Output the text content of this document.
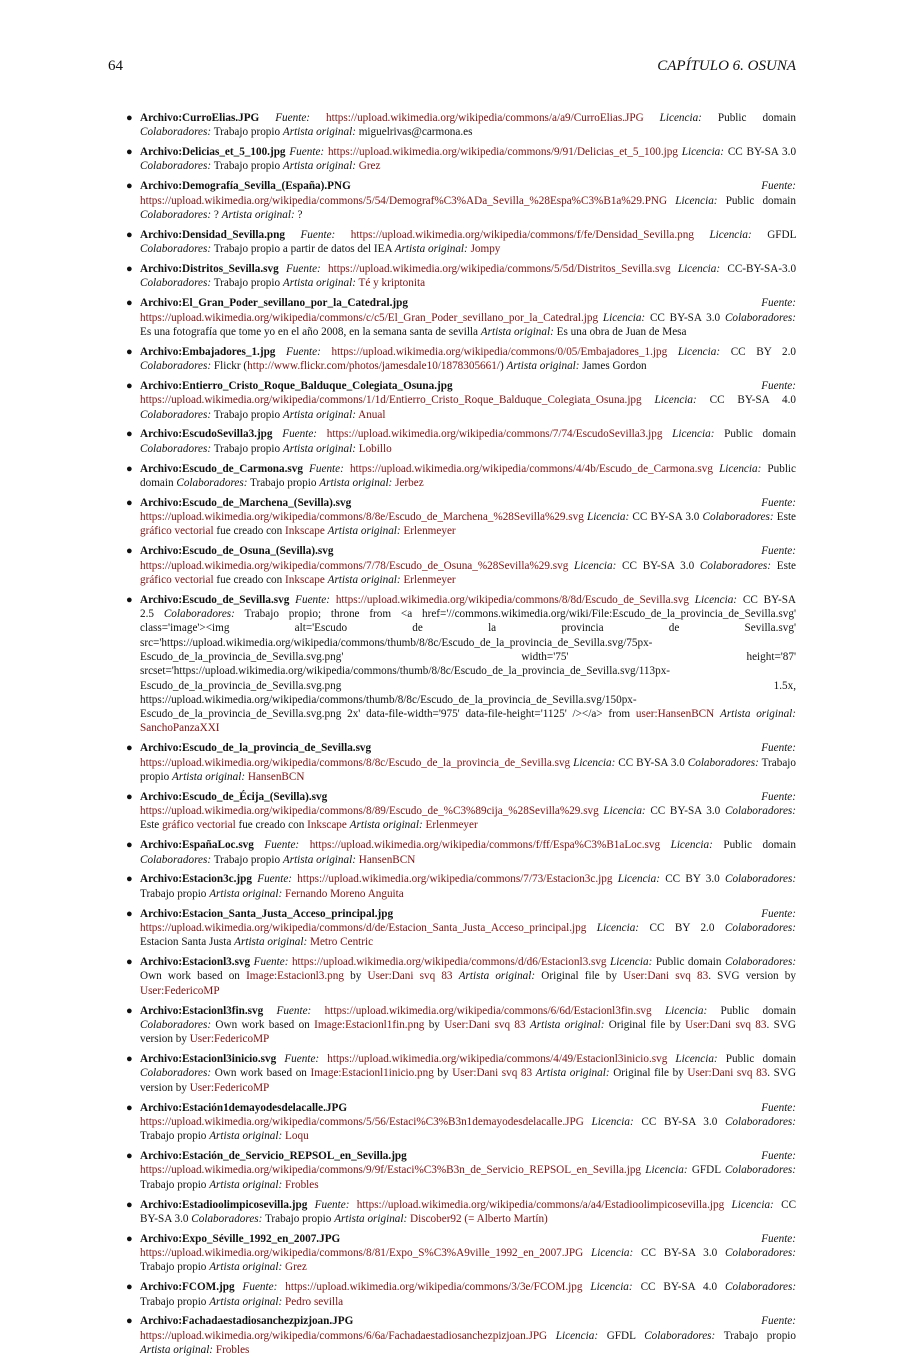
64	CAPÍTULO 6. OSUNA
● Archivo:CurroElias.JPG Fuente: https://upload.wikimedia.org/wikipedia/commons/a/a9/CurroElias.JPG Licencia: Public domain Colaboradores: Trabajo propio Artista original: miguelrivas@carmona.es
● Archivo:Delicias_et_5_100.jpg Fuente: https://upload.wikimedia.org/wikipedia/commons/9/91/Delicias_et_5_100.jpg Licencia: CC BY-SA 3.0 Colaboradores: Trabajo propio Artista original: Grez
● Archivo:Demografía_Sevilla_(España).PNG	Fuente: https://upload.wikimedia.org/wikipedia/commons/5/54/Demograf%C3%ADa_Sevilla_%28Espa%C3%B1a%29.PNG Licencia: Public domain Colaboradores: ? Artista original: ?
● Archivo:Densidad_Sevilla.png Fuente: https://upload.wikimedia.org/wikipedia/commons/f/fe/Densidad_Sevilla.png Licencia: GFDL Colaboradores: Trabajo propio a partir de datos del IEA Artista original: Jompy
● Archivo:Distritos_Sevilla.svg Fuente: https://upload.wikimedia.org/wikipedia/commons/5/5d/Distritos_Sevilla.svg Licencia: CC-BY-SA-3.0 Colaboradores: Trabajo propio Artista original: Té y kriptonita
● Archivo:El_Gran_Poder_sevillano_por_la_Catedral.jpg	Fuente: https://upload.wikimedia.org/wikipedia/commons/c/c5/El_Gran_Poder_sevillano_por_la_Catedral.jpg Licencia: CC BY-SA 3.0 Colaboradores: Es una fotografía que tome yo en el año 2008, en la semana santa de sevilla Artista original: Es una obra de Juan de Mesa
● Archivo:Embajadores_1.jpg Fuente: https://upload.wikimedia.org/wikipedia/commons/0/05/Embajadores_1.jpg Licencia: CC BY 2.0 Colaboradores: Flickr (http://www.flickr.com/photos/jamesdale10/1878305661/) Artista original: James Gordon
● Archivo:Entierro_Cristo_Roque_Balduque_Colegiata_Osuna.jpg	Fuente: https://upload.wikimedia.org/wikipedia/commons/1/1d/Entierro_Cristo_Roque_Balduque_Colegiata_Osuna.jpg Licencia: CC BY-SA 4.0 Colaboradores: Trabajo propio Artista original: Anual
● Archivo:EscudoSevilla3.jpg Fuente: https://upload.wikimedia.org/wikipedia/commons/7/74/EscudoSevilla3.jpg Licencia: Public domain Colaboradores: Trabajo propio Artista original: Lobillo
● Archivo:Escudo_de_Carmona.svg Fuente: https://upload.wikimedia.org/wikipedia/commons/4/4b/Escudo_de_Carmona.svg Licencia: Public domain Colaboradores: Trabajo propio Artista original: Jerbez
● Archivo:Escudo_de_Marchena_(Sevilla).svg	Fuente: https://upload.wikimedia.org/wikipedia/commons/8/8e/Escudo_de_Marchena_%28Sevilla%29.svg Licencia: CC BY-SA 3.0 Colaboradores: Este gráfico vectorial fue creado con Inkscape Artista original: Erlenmeyer
● Archivo:Escudo_de_Osuna_(Sevilla).svg	Fuente: https://upload.wikimedia.org/wikipedia/commons/7/78/Escudo_de_Osuna_%28Sevilla%29.svg Licencia: CC BY-SA 3.0 Colaboradores: Este gráfico vectorial fue creado con Inkscape Artista original: Erlenmeyer
● Archivo:Escudo_de_Sevilla.svg Fuente: https://upload.wikimedia.org/wikipedia/commons/8/8d/Escudo_de_Sevilla.svg Licencia: CC BY-SA 2.5 Colaboradores: Trabajo propio; throne from <a href='//commons.wikimedia.org/wiki/File:Escudo_de_la_provincia_de_Sevilla.svg' class='image'><img alt='Escudo de la provincia de Sevilla.svg' src='https://upload.wikimedia.org/wikipedia/commons/thumb/8/8c/Escudo_de_la_provincia_de_Sevilla.svg/75px-Escudo_de_la_provincia_de_Sevilla.svg.png' width='75' height='87' srcset='https://upload.wikimedia.org/wikipedia/commons/thumb/8/8c/Escudo_de_la_provincia_de_Sevilla.svg/113px-Escudo_de_la_provincia_de_Sevilla.svg.png 1.5x, https://upload.wikimedia.org/wikipedia/commons/thumb/8/8c/Escudo_de_la_provincia_de_Sevilla.svg/150px-Escudo_de_la_provincia_de_Sevilla.svg.png 2x' data-file-width='975' data-file-height='1125' /></a> from user:HansenBCN Artista original: SanchoPanzaXXI
● Archivo:Escudo_de_la_provincia_de_Sevilla.svg	Fuente: https://upload.wikimedia.org/wikipedia/commons/8/8c/Escudo_de_la_provincia_de_Sevilla.svg Licencia: CC BY-SA 3.0 Colaboradores: Trabajo propio Artista original: HansenBCN
● Archivo:Escudo_de_Écija_(Sevilla).svg	Fuente: https://upload.wikimedia.org/wikipedia/commons/8/89/Escudo_de_%C3%89cija_%28Sevilla%29.svg Licencia: CC BY-SA 3.0 Colaboradores: Este gráfico vectorial fue creado con Inkscape Artista original: Erlenmeyer
● Archivo:EspañaLoc.svg Fuente: https://upload.wikimedia.org/wikipedia/commons/f/ff/Espa%C3%B1aLoc.svg Licencia: Public domain Colaboradores: Trabajo propio Artista original: HansenBCN
● Archivo:Estacion3c.jpg Fuente: https://upload.wikimedia.org/wikipedia/commons/7/73/Estacion3c.jpg Licencia: CC BY 3.0 Colaboradores: Trabajo propio Artista original: Fernando Moreno Anguita
● Archivo:Estacion_Santa_Justa_Acceso_principal.jpg	Fuente: https://upload.wikimedia.org/wikipedia/commons/d/de/Estacion_Santa_Justa_Acceso_principal.jpg Licencia: CC BY 2.0 Colaboradores: Estacion Santa Justa Artista original: Metro Centric
● Archivo:Estacionl3.svg Fuente: https://upload.wikimedia.org/wikipedia/commons/d/d6/Estacionl3.svg Licencia: Public domain Colaboradores: Own work based on Image:Estacionl3.png by User:Dani svq 83 Artista original: Original file by User:Dani svq 83. SVG version by User:FedericoMP
● Archivo:Estacionl3fin.svg Fuente: https://upload.wikimedia.org/wikipedia/commons/6/6d/Estacionl3fin.svg Licencia: Public domain Colaboradores: Own work based on Image:Estacionl1fin.png by User:Dani svq 83 Artista original: Original file by User:Dani svq 83. SVG version by User:FedericoMP
● Archivo:Estacionl3inicio.svg Fuente: https://upload.wikimedia.org/wikipedia/commons/4/49/Estacionl3inicio.svg Licencia: Public domain Colaboradores: Own work based on Image:Estacionl1inicio.png by User:Dani svq 83 Artista original: Original file by User:Dani svq 83. SVG version by User:FedericoMP
● Archivo:Estación1demayodesdelacalle.JPG	Fuente: https://upload.wikimedia.org/wikipedia/commons/5/56/Estaci%C3%B3n1demayodesdelacalle.JPG Licencia: CC BY-SA 3.0 Colaboradores: Trabajo propio Artista original: Loqu
● Archivo:Estación_de_Servicio_REPSOL_en_Sevilla.jpg	Fuente: https://upload.wikimedia.org/wikipedia/commons/9/9f/Estaci%C3%B3n_de_Servicio_REPSOL_en_Sevilla.jpg Licencia: GFDL Colaboradores: Trabajo propio Artista original: Frobles
● Archivo:Estadioolimpicosevilla.jpg Fuente: https://upload.wikimedia.org/wikipedia/commons/a/a4/Estadioolimpicosevilla.jpg Licencia: CC BY-SA 3.0 Colaboradores: Trabajo propio Artista original: Discober92 (= Alberto Martín)
● Archivo:Expo_Séville_1992_en_2007.JPG	Fuente: https://upload.wikimedia.org/wikipedia/commons/8/81/Expo_S%C3%A9ville_1992_en_2007.JPG Licencia: CC BY-SA 3.0 Colaboradores: Trabajo propio Artista original: Grez
● Archivo:FCOM.jpg Fuente: https://upload.wikimedia.org/wikipedia/commons/3/3e/FCOM.jpg Licencia: CC BY-SA 4.0 Colaboradores: Trabajo propio Artista original: Pedro sevilla
● Archivo:Fachadaestadiosanchezpizjoan.JPG	Fuente: https://upload.wikimedia.org/wikipedia/commons/6/6a/Fachadaestadiosanchezpizjoan.JPG Licencia: GFDL Colaboradores: Trabajo propio Artista original: Frobles
